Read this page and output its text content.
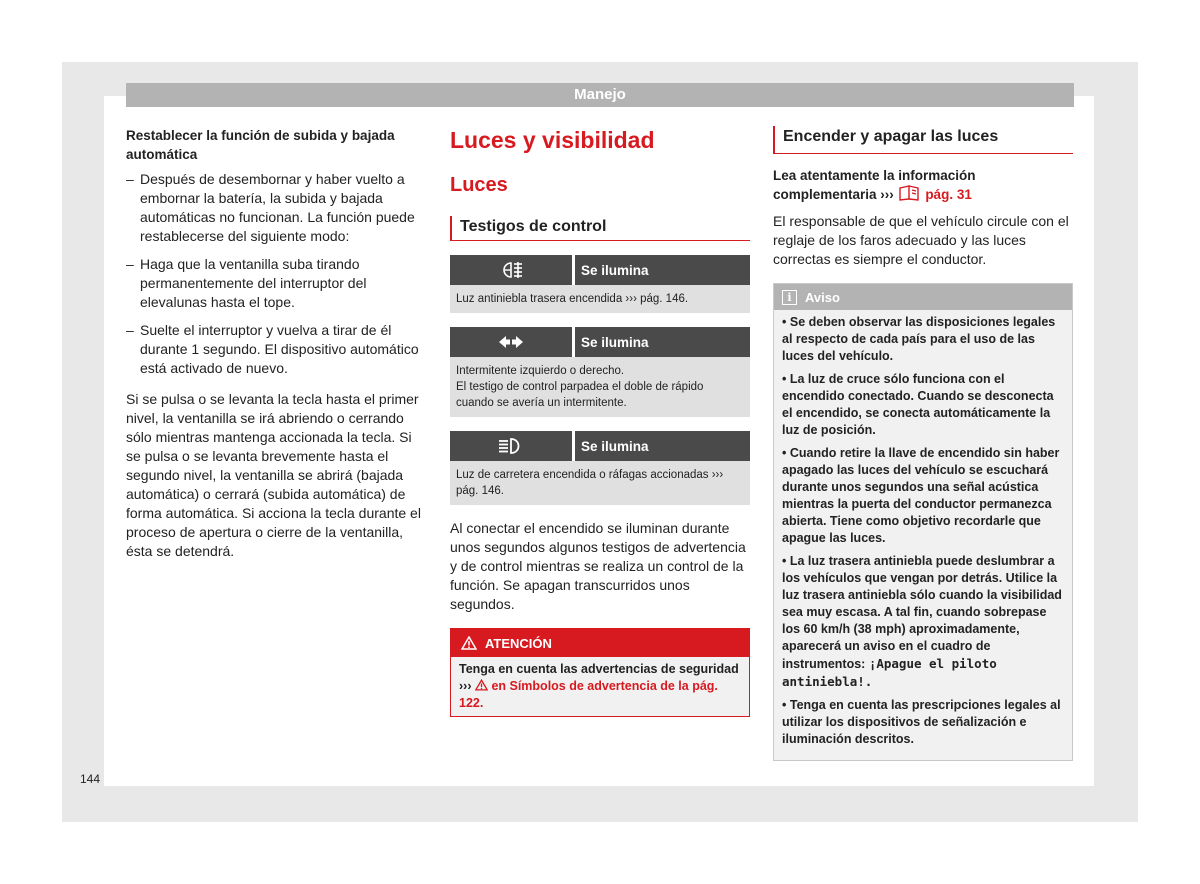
Manejo
Restablecer la función de subida y bajada automática
– Después de desembornar y haber vuelto a embornar la batería, la subida y bajada automáticas no funcionan. La función puede restablecerse del siguiente modo:
– Haga que la ventanilla suba tirando permanentemente del interruptor del elevalunas hasta el tope.
– Suelte el interruptor y vuelva a tirar de él durante 1 segundo. El dispositivo automático está activado de nuevo.

Si se pulsa o se levanta la tecla hasta el primer nivel, la ventanilla se irá abriendo o cerrando sólo mientras mantenga accionada la tecla. Si se pulsa o se levanta brevemente hasta el segundo nivel, la ventanilla se abrirá (bajada automática) o cerrará (subida automática) de forma automática. Si acciona la tecla durante el proceso de apertura o cierre de la ventanilla, ésta se detendrá.

Luces y visibilidad
Luces
Testigos de control
Se ilumina
Luz antiniebla trasera encendida ››› pág. 146.
Se ilumina
Intermitente izquierdo o derecho.
El testigo de control parpadea el doble de rápido cuando se avería un intermitente.
Se ilumina
Luz de carretera encendida o ráfagas accionadas ››› pág. 146.
Al conectar el encendido se iluminan durante unos segundos algunos testigos de advertencia y de control mientras se realiza un control de la función. Se apagan transcurridos unos segundos.
ATENCIÓN
Tenga en cuenta las advertencias de seguridad ›››  en Símbolos de advertencia de la pág. 122.
Encender y apagar las luces
Lea atentamente la información complementaria ››› pág. 31
El responsable de que el vehículo circule con el reglaje de los faros adecuado y las luces correctas es siempre el conductor.
i	Aviso
• Se deben observar las disposiciones legales al respecto de cada país para el uso de las luces del vehículo.
• La luz de cruce sólo funciona con el encendido conectado. Cuando se desconecta el encendido, se conecta automáticamente la luz de posición.
• Cuando retire la llave de encendido sin haber apagado las luces del vehículo se escuchará durante unos segundos una señal acústica mientras la puerta del conductor permanezca abierta. Tiene como objetivo recordarle que apague las luces.
• La luz trasera antiniebla puede deslumbrar a los vehículos que vengan por detrás. Utilice la luz trasera antiniebla sólo cuando la visibilidad sea muy escasa. A tal fin, cuando sobrepase los 60 km/h (38 mph) aproximadamente, aparecerá un aviso en el cuadro de instrumentos: ¡Apague el piloto antiniebla!.
• Tenga en cuenta las prescripciones legales al utilizar los dispositivos de señalización e iluminación descritos.
144
